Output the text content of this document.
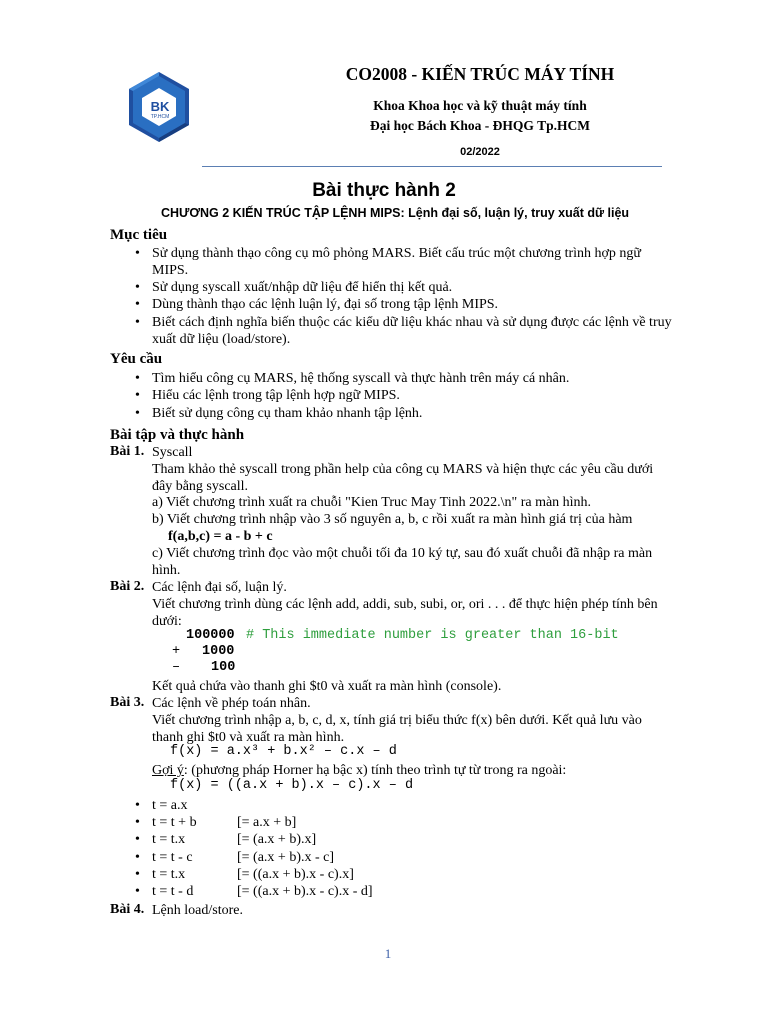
BK
TP.HCM
CO2008 - KIẾN TRÚC MÁY TÍNH
Khoa Khoa học và kỹ thuật máy tính
Đại học Bách Khoa - ĐHQG Tp.HCM
02/2022
Bài thực hành 2
CHƯƠNG 2 KIẾN TRÚC TẬP LỆNH MIPS: Lệnh đại số, luận lý, truy xuất dữ liệu
Mục tiêu
• Sử dụng thành thạo công cụ mô phỏng MARS. Biết cấu trúc một chương trình hợp ngữ MIPS.
• Sử dụng syscall xuất/nhập dữ liệu để hiển thị kết quả.
• Dùng thành thạo các lệnh luận lý, đại số trong tập lệnh MIPS.
• Biết cách định nghĩa biến thuộc các kiểu dữ liệu khác nhau và sử dụng được các lệnh về truy xuất dữ liệu (load/store).
Yêu cầu
• Tìm hiểu công cụ MARS, hệ thống syscall và thực hành trên máy cá nhân.
• Hiểu các lệnh trong tập lệnh hợp ngữ MIPS.
• Biết sử dụng công cụ tham khảo nhanh tập lệnh.
Bài tập và thực hành
Bài 1. Syscall
Tham khảo thẻ syscall trong phần help của công cụ MARS và hiện thực các yêu cầu dưới đây bằng syscall.
a) Viết chương trình xuất ra chuỗi "Kien Truc May Tinh 2022.\n" ra màn hình.
b) Viết chương trình nhập vào 3 số nguyên a, b, c rồi xuất ra màn hình giá trị của hàm
f(a,b,c) = a - b + c
c) Viết chương trình đọc vào một chuỗi tối đa 10 ký tự, sau đó xuất chuỗi đã nhập ra màn hình.
Bài 2. Các lệnh đại số, luận lý.
Viết chương trình dùng các lệnh add, addi, sub, subi, or, ori . . . để thực hiện phép tính bên dưới:
100000 # This immediate number is greater than 16-bit
+ 1000
– 100
Kết quả chứa vào thanh ghi $t0 và xuất ra màn hình (console).
Bài 3. Các lệnh về phép toán nhân.
Viết chương trình nhập a, b, c, d, x, tính giá trị biểu thức f(x) bên dưới. Kết quả lưu vào thanh ghi $t0 và xuất ra màn hình.
f(x) = a.x³ + b.x² – c.x – d
Gợi ý: (phương pháp Horner hạ bậc x) tính theo trình tự từ trong ra ngoài:
f(x) = ((a.x + b).x – c).x – d
• t = a.x
• t = t + b	[= a.x + b]
• t = t.x	[= (a.x + b).x]
• t = t - c	[= (a.x + b).x - c]
• t = t.x	[= ((a.x + b).x - c).x]
• t = t - d	[= ((a.x + b).x - c).x - d]
Bài 4. Lệnh load/store.
1
